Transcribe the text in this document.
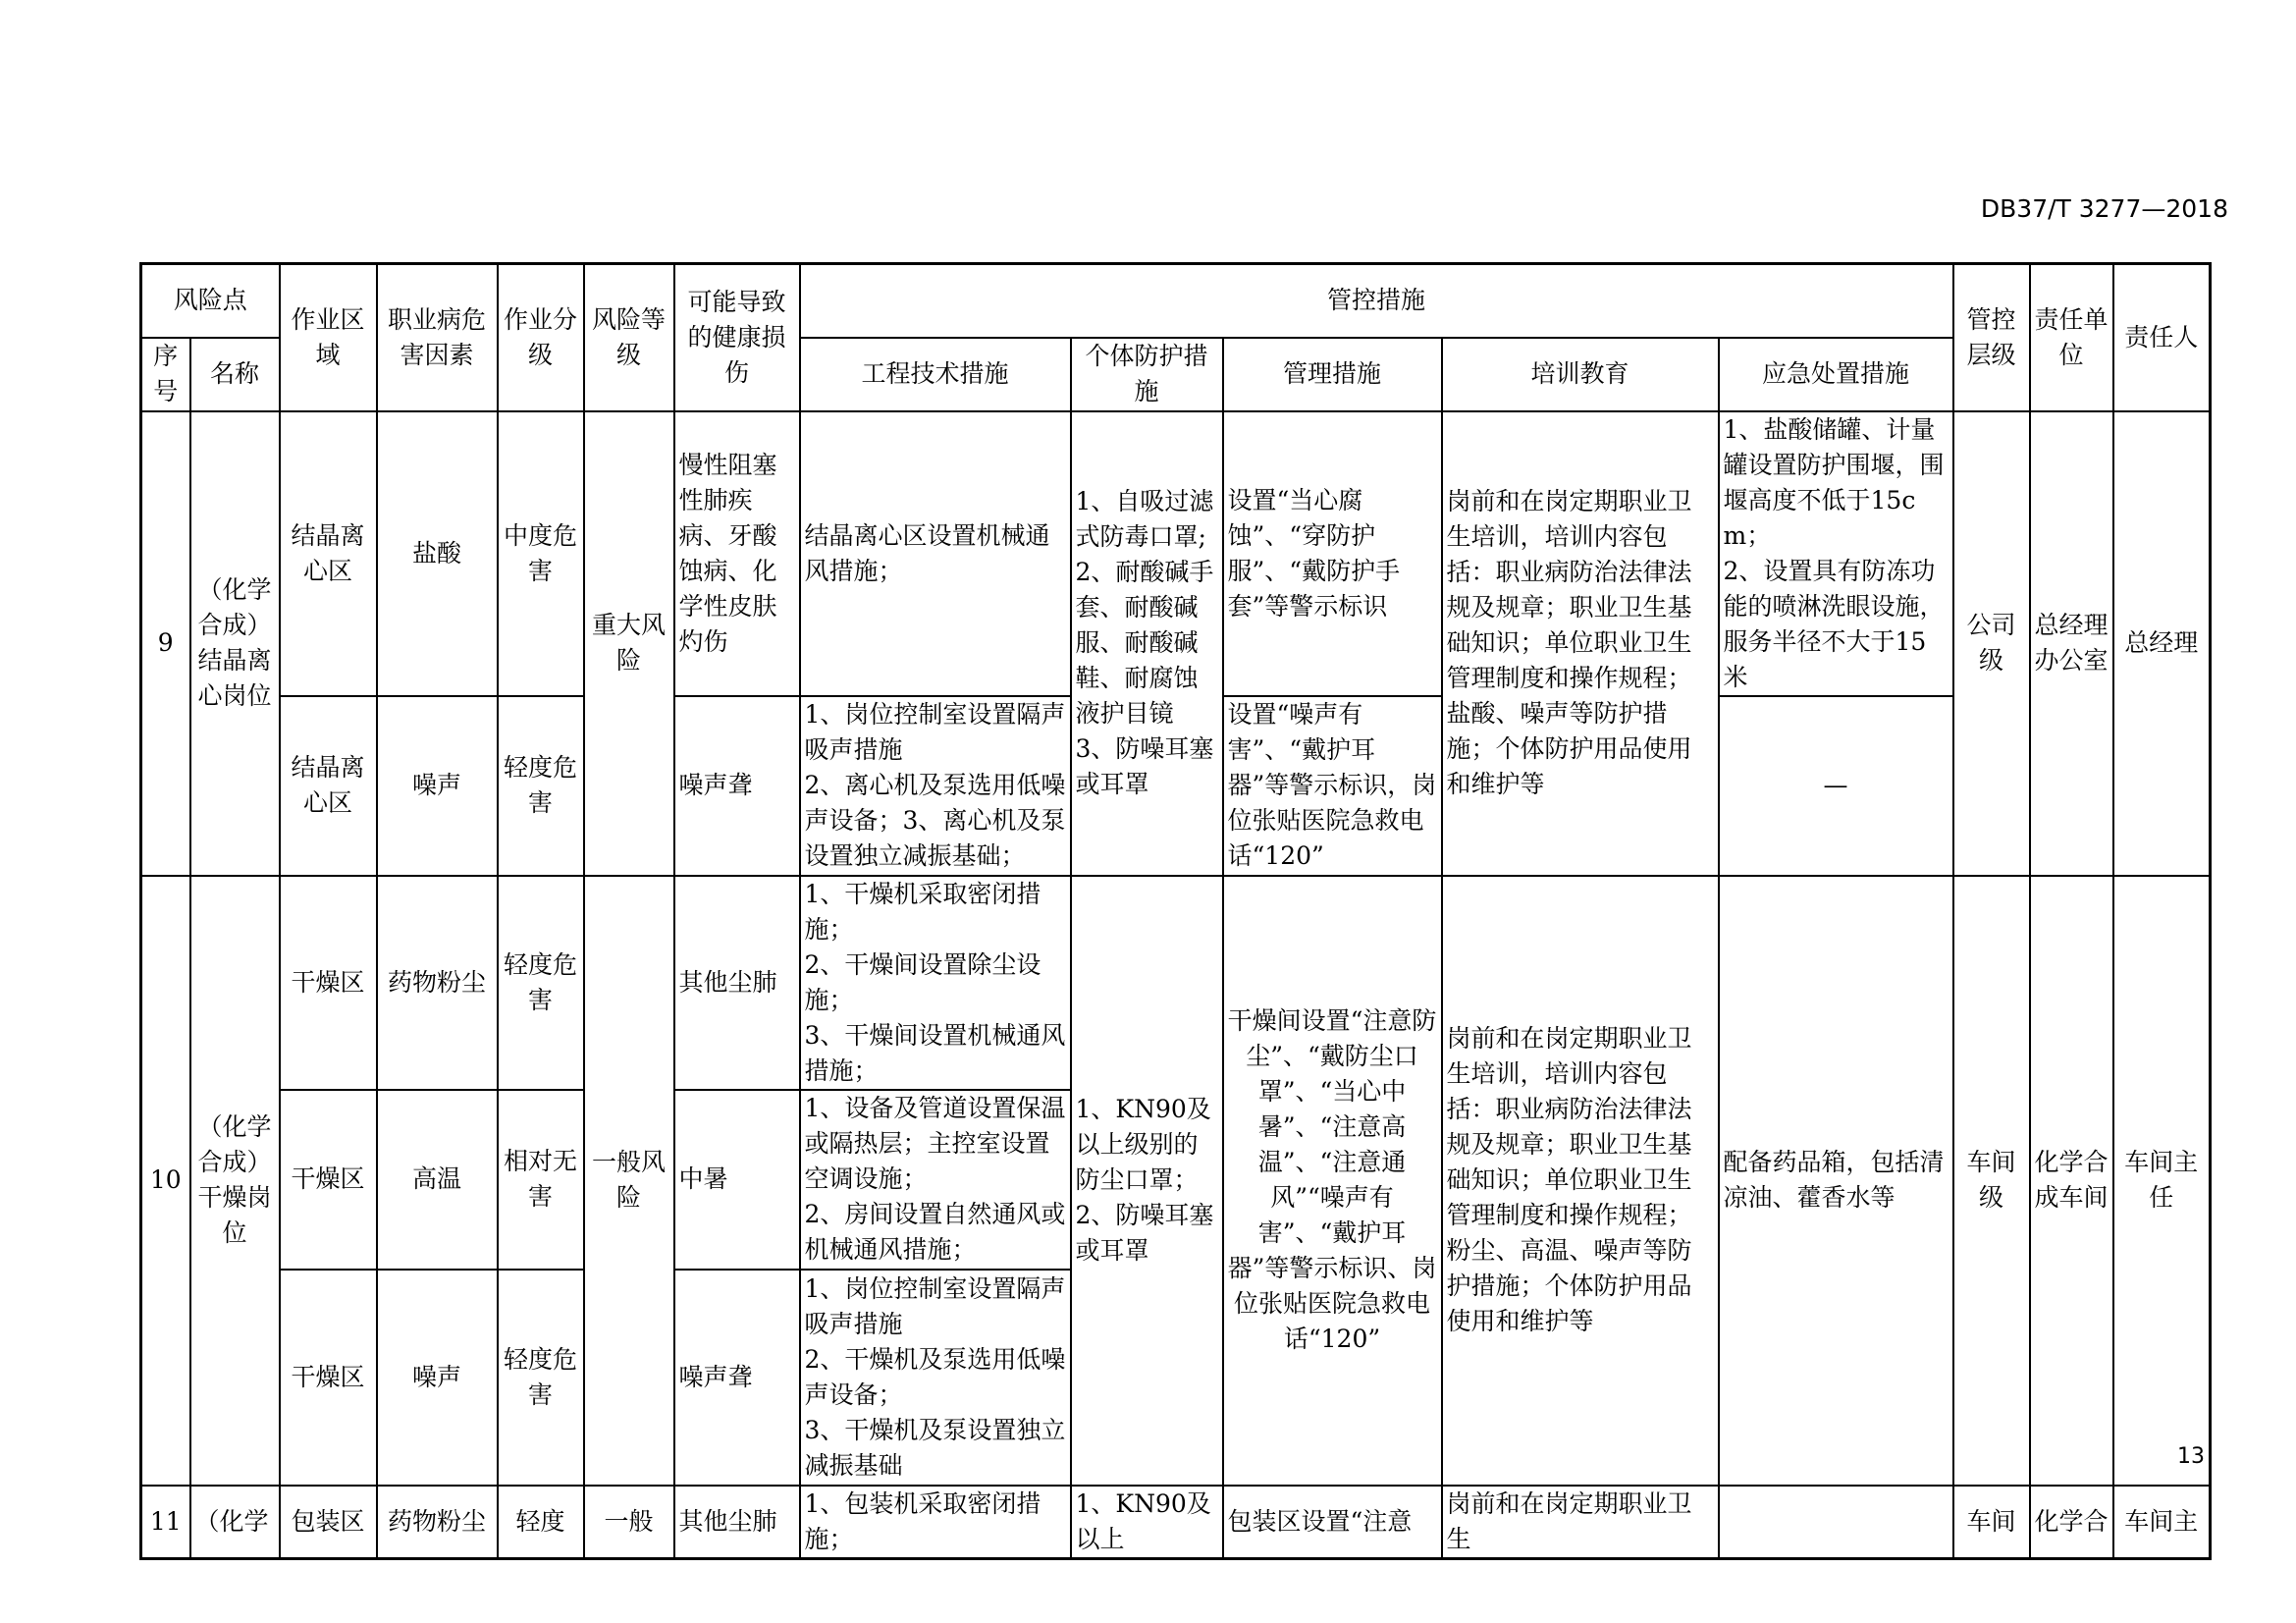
DB37/T 3277—2018
风险点		作业区域	职业病危害因素	作业分级	风险等级	可能导致的健康损伤	管控措施					管控层级	责任单位	责任人
序号	名称						工程技术措施	个体防护措施	管理措施	培训教育	应急处置措施			
9	（化学合成）结晶离心岗位	结晶离心区	盐酸	中度危害	重大风险	慢性阻塞性肺疾病、牙酸蚀病、化学性皮肤灼伤	结晶离心区设置机械通风措施；	1、自吸过滤式防毒口罩;
2、耐酸碱手套、耐酸碱服、耐酸碱鞋、耐腐蚀液护目镜
3、防噪耳塞或耳罩	设置“当心腐蚀”、“穿防护服”、“戴防护手套”等警示标识	岗前和在岗定期职业卫生培训，培训内容包括：职业病防治法律法规及规章；职业卫生基础知识；单位职业卫生管理制度和操作规程；盐酸、噪声等防护措施；个体防护用品使用和维护等	1、盐酸储罐、计量罐设置防护围堰，围堰高度不低于15cm；
2、设置具有防冻功能的喷淋洗眼设施，服务半径不大于15米	公司级	总经理办公室	总经理
		结晶离心区	噪声	轻度危害		噪声聋	1、岗位控制室设置隔声吸声措施
2、离心机及泵选用低噪声设备；3、离心机及泵设置独立减振基础；		设置“噪声有害”、“戴护耳器”等警示标识，岗位张贴医院急救电话“120”		—			
10	（化学合成）干燥岗位	干燥区	药物粉尘	轻度危害	一般风险	其他尘肺	1、干燥机采取密闭措施；
2、干燥间设置除尘设施；
3、干燥间设置机械通风措施；	1、KN90及以上级别的防尘口罩；
2、防噪耳塞或耳罩	干燥间设置“注意防尘”、“戴防尘口罩”、“当心中暑”、“注意高温”、“注意通风”“噪声有害”、“戴护耳器”等警示标识、岗位张贴医院急救电话“120”	岗前和在岗定期职业卫生培训，培训内容包括：职业病防治法律法规及规章；职业卫生基础知识；单位职业卫生管理制度和操作规程；粉尘、高温、噪声等防护措施；个体防护用品使用和维护等	配备药品箱，包括清凉油、藿香水等	车间级	化学合成车间	车间主任
		干燥区	高温	相对无害		中暑	1、设备及管道设置保温或隔热层；主控室设置空调设施；
2、房间设置自然通风或机械通风措施；							

		干燥区	噪声	轻度危害		噪声聋	1、岗位控制室设置隔声吸声措施
2、干燥机及泵选用低噪声设备；
3、干燥机及泵设置独立减振基础							

11	（化学	包装区	药物粉尘	轻度	一般	其他尘肺	1、包装机采取密闭措施；	1、KN90及以上	包装区设置“注意	岗前和在岗定期职业卫生		车间	化学合	车间主
13
